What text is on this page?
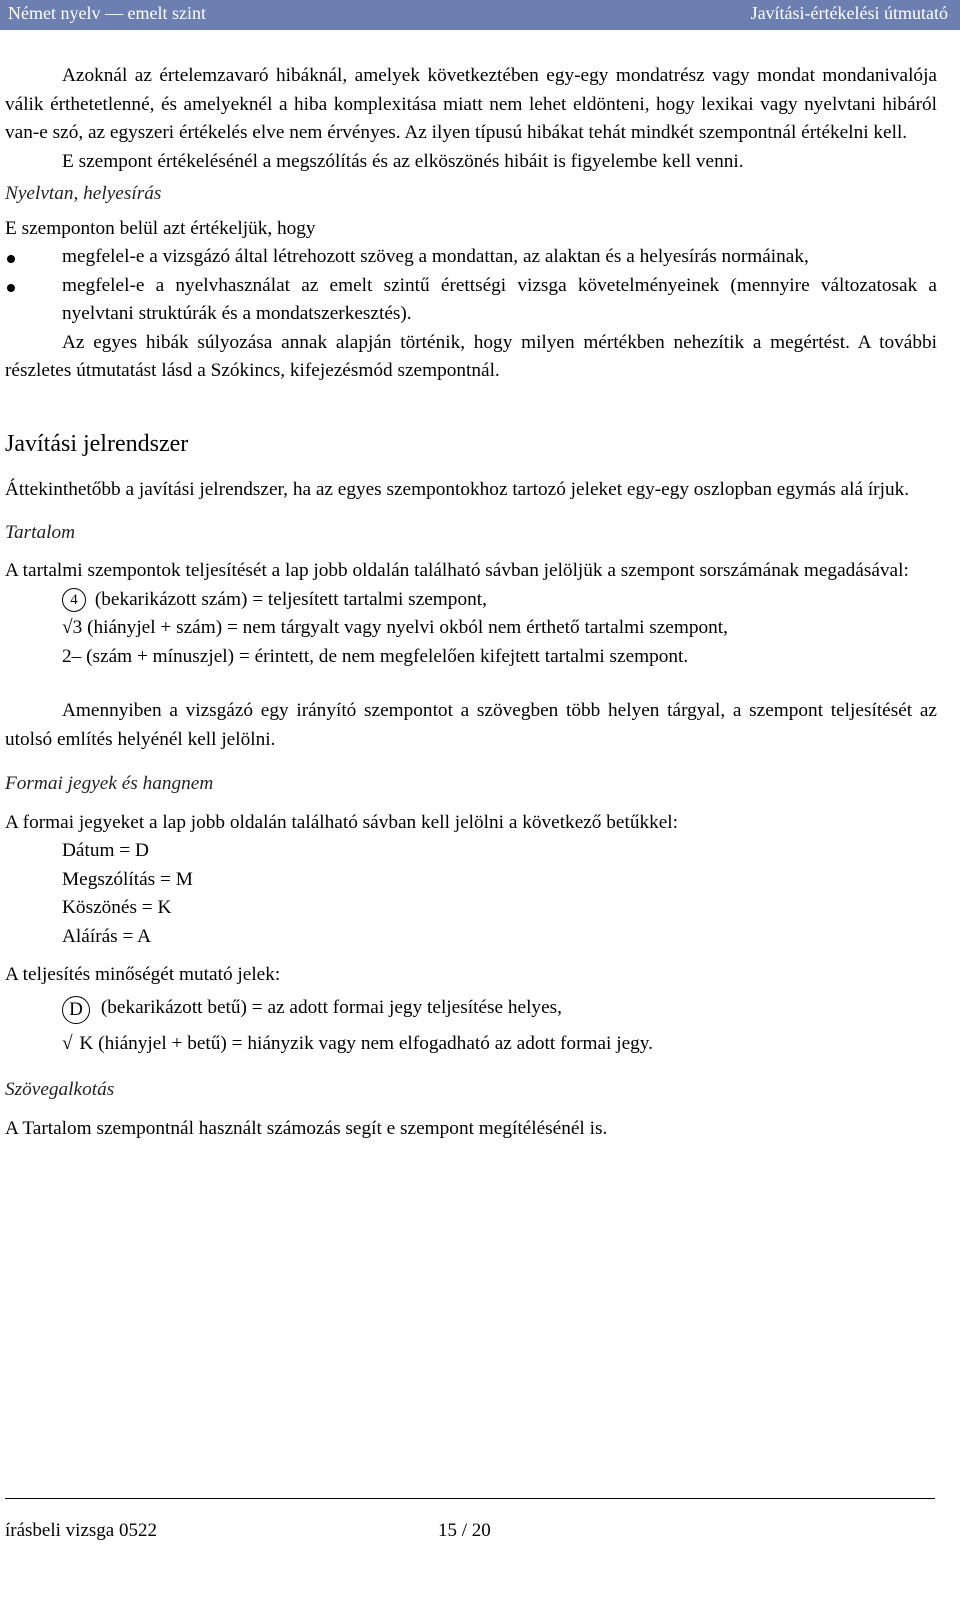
Német nyelv — emelt szint	Javítási-értékelési útmutató

Azoknál az értelemzavaró hibáknál, amelyek következtében egy-egy mondatrész vagy mondat mondanivalója válik érthetetlenné, és amelyeknél a hiba komplexitása miatt nem lehet eldönteni, hogy lexikai vagy nyelvtani hibáról van-e szó, az egyszeri értékelés elve nem érvényes. Az ilyen típusú hibákat tehát mindkét szempontnál értékelni kell.

E szempont értékelésénél a megszólítás és az elköszönés hibáit is figyelembe kell venni.

Nyelvtan, helyesírás

E szemponton belül azt értékeljük, hogy

megfelel-e a vizsgázó által létrehozott szöveg a mondattan, az alaktan és a helyesírás normáinak,
megfelel-e a nyelvhasználat az emelt szintű érettségi vizsga követelményeinek (mennyire változatosak a nyelvtani struktúrák és a mondatszerkesztés).

Az egyes hibák súlyozása annak alapján történik, hogy milyen mértékben nehezítik a megértést. A további részletes útmutatást lásd a Szókincs, kifejezésmód szempontnál.

Javítási jelrendszer

Áttekinthetőbb a javítási jelrendszer, ha az egyes szempontokhoz tartozó jeleket egy-egy oszlopban egymás alá írjuk.

Tartalom

A tartalmi szempontok teljesítését a lap jobb oldalán található sávban jelöljük a szempont sorszámának megadásával:

4 (bekarikázott szám) = teljesített tartalmi szempont,
√3 (hiányjel + szám) = nem tárgyalt vagy nyelvi okból nem érthető tartalmi szempont,
2– (szám + mínuszjel) = érintett, de nem megfelelően kifejtett tartalmi szempont.

Amennyiben a vizsgázó egy irányító szempontot a szövegben több helyen tárgyal, a szempont teljesítését az utolsó említés helyénél kell jelölni.

Formai jegyek és hangnem

A formai jegyeket a lap jobb oldalán található sávban kell jelölni a következő betűkkel:

Dátum = D
Megszólítás = M
Köszönés = K
Aláírás = A

A teljesítés minőségét mutató jelek:

D (bekarikázott betű) = az adott formai jegy teljesítése helyes,
√ K (hiányjel + betű) = hiányzik vagy nem elfogadható az adott formai jegy.

Szövegalkotás

A Tartalom szempontnál használt számozás segít e szempont megítélésénél is.

írásbeli vizsga 0522	15 / 20
